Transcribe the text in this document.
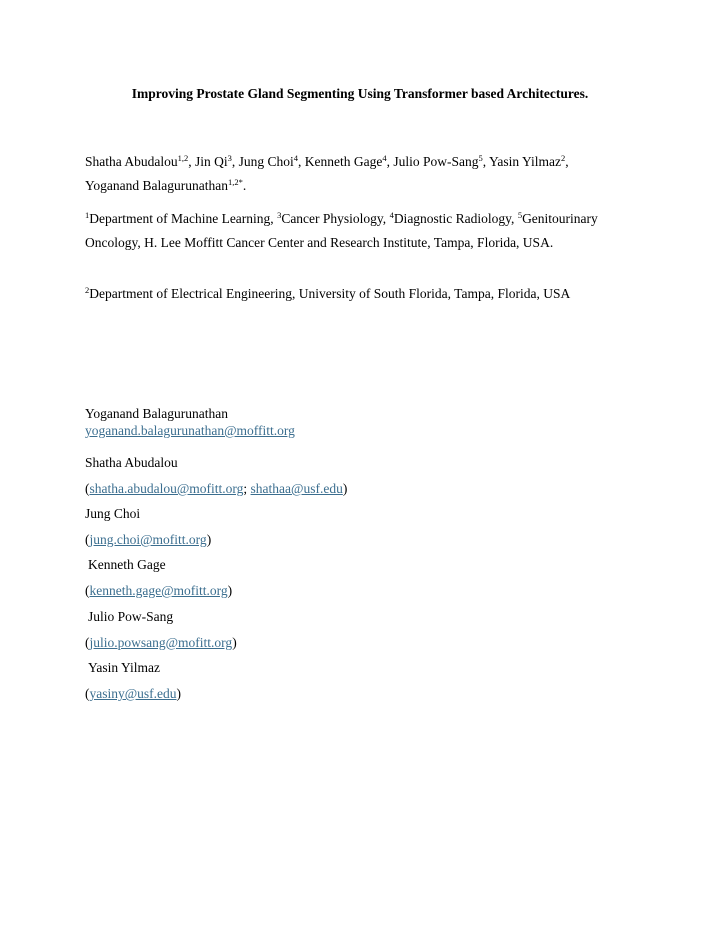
Improving Prostate Gland Segmenting Using Transformer based Architectures.
Shatha Abudalou$^{1,2}$, Jin Qi$^3$, Jung Choi$^4$, Kenneth Gage$^4$, Julio Pow-Sang$^5$, Yasin Yilmaz$^2$,
Yoganand Balagurunathan$^{1,2*}$.
$^1$Department of Machine Learning, $^3$Cancer Physiology, $^4$Diagnostic Radiology, $^5$Genitourinary
Oncology, H. Lee Moffitt Cancer Center and Research Institute, Tampa, Florida, USA.
$^2$Department of Electrical Engineering, University of South Florida, Tampa, Florida, USA
Yoganand Balagurunathan
yoganand.balagurunathan@moffitt.org
Shatha Abudalou
(shatha.abudalou@mofitt.org; shathaa@usf.edu)
Jung Choi
(jung.choi@mofitt.org)
Kenneth Gage
(kenneth.gage@mofitt.org)
Julio Pow-Sang
(julio.powsang@mofitt.org)
Yasin Yilmaz
(yasiny@usf.edu)
